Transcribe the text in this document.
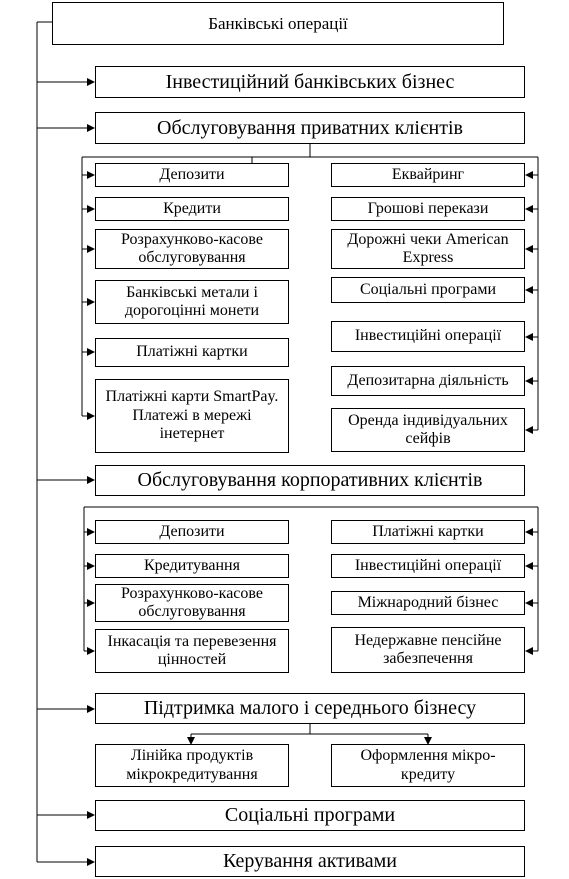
Банківські операції
Інвестиційний банківських бізнес
Обслуговування приватних клієнтів
Депозити
Кредити
Розрахунково-касове обслуговування
Банківські метали і дорогоцінні монети
Платіжні картки
Платіжні карти SmartPay. Платежі в мережі інетернет
Еквайринг
Грошові перекази
Дорожні чеки American Express
Соціальні програми
Інвестиційні операції
Депозитарна діяльність
Оренда індивідуальних сейфів
Обслуговування корпоративних клієнтів
Депозити
Кредитування
Розрахунково-касове обслуговування
Інкасація та перевезення цінностей
Платіжні картки
Інвестиційні операції
Міжнародний бізнес
Недержавне пенсійне забезпечення
Підтримка малого і середнього бізнесу
Лінійка продуктів мікрокредитування
Оформлення мікро-кредиту
Соціальні програми
Керування активами
